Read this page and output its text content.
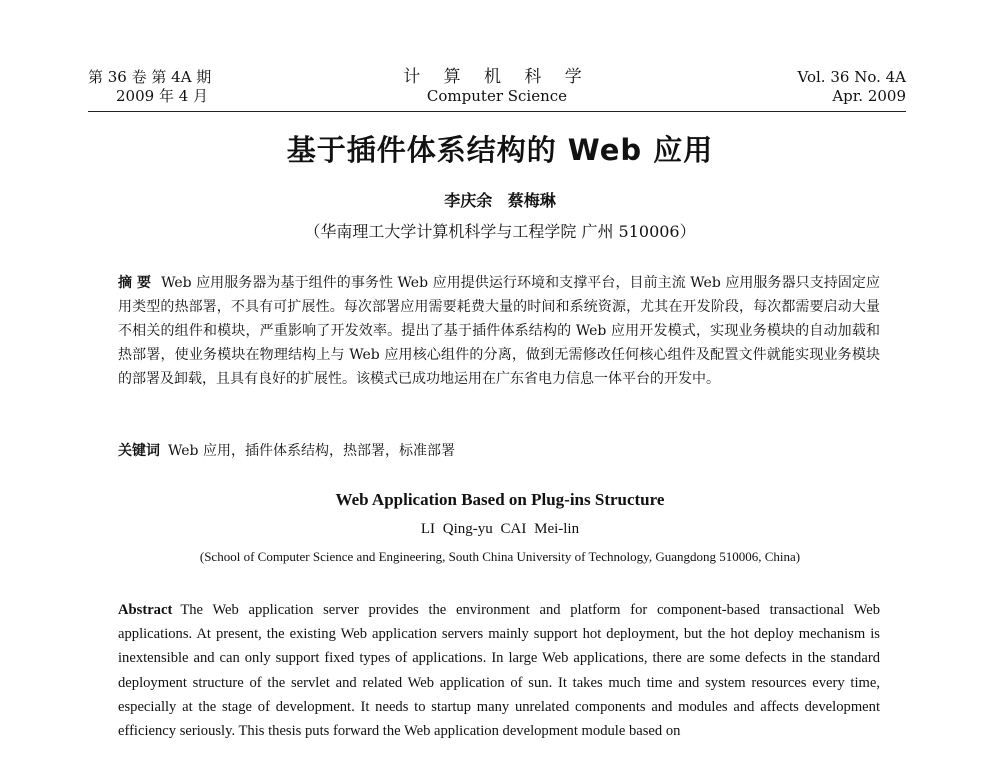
第 36 卷 第 4A 期
2009 年 4 月
计 算 机 科 学
Computer Science
Vol. 36 No. 4A
Apr. 2009
基于插件体系结构的 Web 应用
李庆余 蔡梅琳
（华南理工大学计算机科学与工程学院 广州 510006）
摘 要 Web 应用服务器为基于组件的事务性 Web 应用提供运行环境和支撑平台，目前主流 Web 应用服务器只支持固定应用类型的热部署，不具有可扩展性。每次部署应用需要耗费大量的时间和系统资源，尤其在开发阶段，每次都需要启动大量不相关的组件和模块，严重影响了开发效率。提出了基于插件体系结构的 Web 应用开发模式，实现业务模块的自动加载和热部署，使业务模块在物理结构上与 Web 应用核心组件的分离，做到无需修改任何核心组件及配置文件就能实现业务模块的部署及卸载，且具有良好的扩展性。该模式已成功地运用在广东省电力信息一体平台的开发中。
关键词 Web 应用，插件体系结构，热部署，标准部署
Web Application Based on Plug-ins Structure
LI Qing-yu CAI Mei-lin
(School of Computer Science and Engineering, South China University of Technology, Guangdong 510006, China)
Abstract The Web application server provides the environment and platform for component-based transactional Web applications. At present, the existing Web application servers mainly support hot deployment, but the hot deploy mechanism is inextensible and can only support fixed types of applications. In large Web applications, there are some defects in the standard deployment structure of the servlet and related Web application of sun. It takes much time and system resources every time, especially at the stage of development. It needs to startup many unrelated components and modules and affects development efficiency seriously. This thesis puts forward the Web application development module based on
